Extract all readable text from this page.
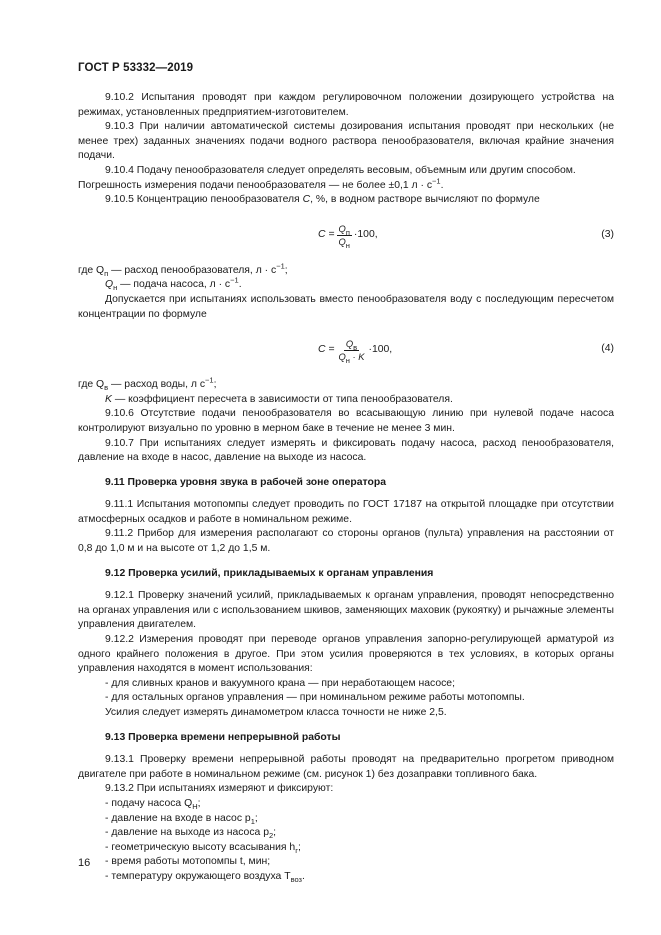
ГОСТ Р 53332—2019

9.10.2 Испытания проводят при каждом регулировочном положении дозирующего устройства на режимах, установленных предприятием-изготовителем.

9.10.3 При наличии автоматической системы дозирования испытания проводят при нескольких (не менее трех) заданных значениях подачи водного раствора пенообразователя, включая крайние значения подачи.

9.10.4 Подачу пенообразователя следует определять весовым, объемным или другим способом.

Погрешность измерения подачи пенообразователя — не более ±0,1 $л \cdot с^{-1}$.

9.10.5 Концентрацию пенообразователя C, %, в водном растворе вычисляют по формуле

$C = \frac{Q_п}{Q_н} \cdot 100$,	(3)

где $Q_п$ — расход пенообразователя, $л \cdot с^{-1}$;

$Q_н$ — подача насоса, $л \cdot с^{-1}$.

Допускается при испытаниях использовать вместо пенообразователя воду с последующим пересчетом концентрации по формуле

$C = \frac{Q_в}{Q_н \cdot K} \cdot 100$,	(4)

где $Q_в$ — расход воды, л $с^{-1}$;

K — коэффициент пересчета в зависимости от типа пенообразователя.

9.10.6 Отсутствие подачи пенообразователя во всасывающую линию при нулевой подаче насоса контролируют визуально по уровню в мерном баке в течение не менее 3 мин.

9.10.7 При испытаниях следует измерять и фиксировать подачу насоса, расход пенообразователя, давление на входе в насос, давление на выходе из насоса.

9.11 Проверка уровня звука в рабочей зоне оператора

9.11.1 Испытания мотопомпы следует проводить по ГОСТ 17187 на открытой площадке при отсутствии атмосферных осадков и работе в номинальном режиме.

9.11.2 Прибор для измерения располагают со стороны органов (пульта) управления на расстоянии от 0,8 до 1,0 м и на высоте от 1,2 до 1,5 м.

9.12 Проверка усилий, прикладываемых к органам управления

9.12.1 Проверку значений усилий, прикладываемых к органам управления, проводят непосредственно на органах управления или с использованием шкивов, заменяющих маховик (рукоятку) и рычажные элементы управления двигателем.

9.12.2 Измерения проводят при переводе органов управления запорно-регулирующей арматурой из одного крайнего положения в другое. При этом усилия проверяются в тех условиях, в которых органы управления находятся в момент использования:

- для сливных кранов и вакуумного крана — при неработающем насосе;

- для остальных органов управления — при номинальном режиме работы мотопомпы.

Усилия следует измерять динамометром класса точности не ниже 2,5.

9.13 Проверка времени непрерывной работы

9.13.1 Проверку времени непрерывной работы проводят на предварительно прогретом приводном двигателе при работе в номинальном режиме (см. рисунок 1) без дозаправки топливного бака.

9.13.2 При испытаниях измеряют и фиксируют:

- подачу насоса $Q_Н$;

- давление на входе в насос $p_1$;

- давление на выходе из насоса $p_2$;

- геометрическую высоту всасывания $h_г$;

- время работы мотопомпы t, мин;

- температуру окружающего воздуха $T_{воз}$.

16
